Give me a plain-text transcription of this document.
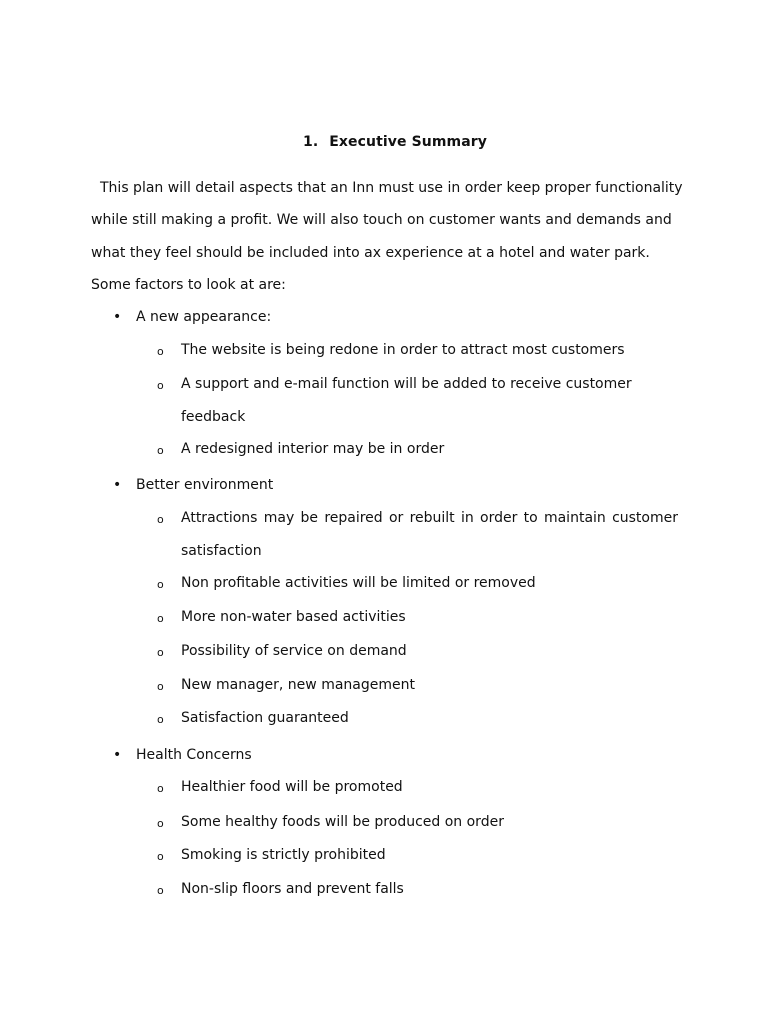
1. Executive Summary

This plan will detail aspects that an Inn must use in order keep proper functionality
while still making a profit. We will also touch on customer wants and demands and
what they feel should be included into ax experience at a hotel and water park.
Some factors to look at are:

• A new appearance:
o The website is being redone in order to attract most customers
o A support and e-mail function will be added to receive customer feedback
o A redesigned interior may be in order
• Better environment
o Attractions may be repaired or rebuilt in order to maintain customer satisfaction
o Non profitable activities will be limited or removed
o More non-water based activities
o Possibility of service on demand
o New manager, new management
o Satisfaction guaranteed
• Health Concerns
o Healthier food will be promoted
o Some healthy foods will be produced on order
o Smoking is strictly prohibited
o Non-slip floors and prevent falls
